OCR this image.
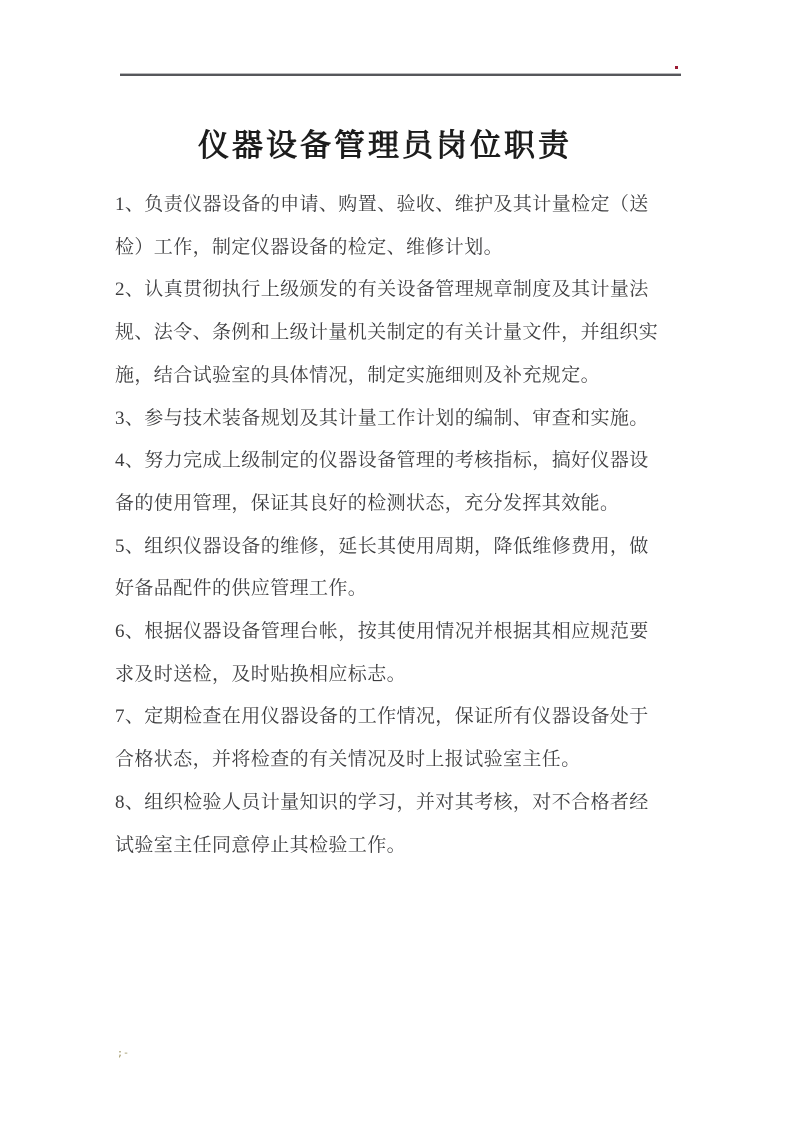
仪器设备管理员岗位职责
1、负责仪器设备的申请、购置、验收、维护及其计量检定（送
检）工作，制定仪器设备的检定、维修计划。
2、认真贯彻执行上级颁发的有关设备管理规章制度及其计量法
规、法令、条例和上级计量机关制定的有关计量文件，并组织实
施，结合试验室的具体情况，制定实施细则及补充规定。
3、参与技术装备规划及其计量工作计划的编制、审查和实施。
4、努力完成上级制定的仪器设备管理的考核指标，搞好仪器设
备的使用管理，保证其良好的检测状态，充分发挥其效能。
5、组织仪器设备的维修，延长其使用周期，降低维修费用，做
好备品配件的供应管理工作。
6、根据仪器设备管理台帐，按其使用情况并根据其相应规范要
求及时送检，及时贴换相应标志。
7、定期检查在用仪器设备的工作情况，保证所有仪器设备处于
合格状态，并将检查的有关情况及时上报试验室主任。
8、组织检验人员计量知识的学习，并对其考核，对不合格者经
试验室主任同意停止其检验工作。
;-
